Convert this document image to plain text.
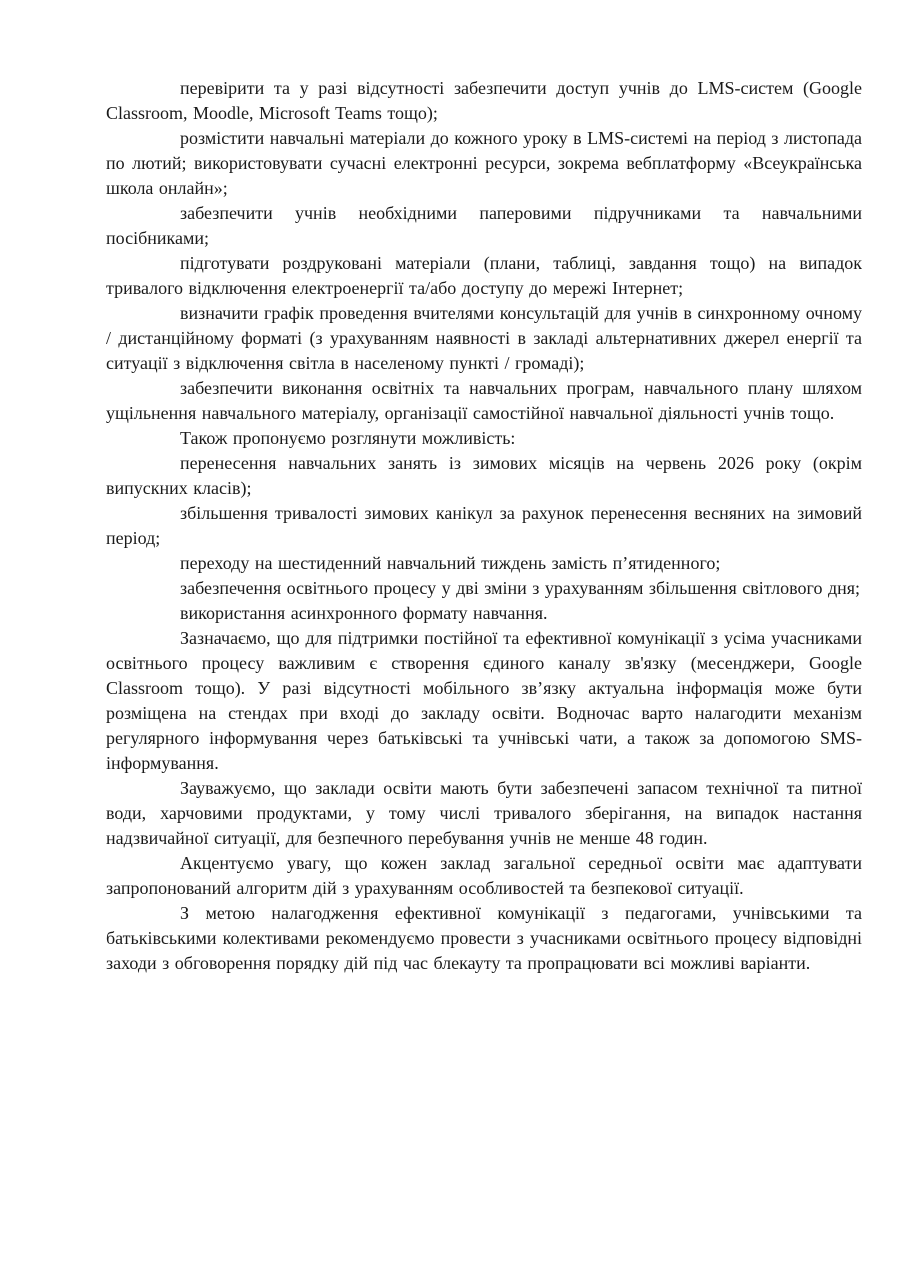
перевірити та у разі відсутності забезпечити доступ учнів до LMS-систем (Google Classroom, Moodle, Microsoft Teams тощо);

розмістити навчальні матеріали до кожного уроку в LMS-системі на період з листопада по лютий; використовувати сучасні електронні ресурси, зокрема вебплатформу «Всеукраїнська школа онлайн»;

забезпечити учнів необхідними паперовими підручниками та навчальними посібниками;

підготувати роздруковані матеріали (плани, таблиці, завдання тощо) на випадок тривалого відключення електроенергії та/або доступу до мережі Інтернет;

визначити графік проведення вчителями консультацій для учнів в синхронному очному / дистанційному форматі (з урахуванням наявності в закладі альтернативних джерел енергії та ситуації з відключення світла в населеному пункті / громаді);

забезпечити виконання освітніх та навчальних програм, навчального плану шляхом ущільнення навчального матеріалу, організації самостійної навчальної діяльності учнів тощо.

Також пропонуємо розглянути можливість:

перенесення навчальних занять із зимових місяців на червень 2026 року (окрім випускних класів);

збільшення тривалості зимових канікул за рахунок перенесення весняних на зимовий період;

переходу на шестиденний навчальний тиждень замість п’ятиденного;

забезпечення освітнього процесу у дві зміни з урахуванням збільшення світлового дня;

використання асинхронного формату навчання.

Зазначаємо, що для підтримки постійної та ефективної комунікації з усіма учасниками освітнього процесу важливим є створення єдиного каналу зв'язку (месенджери, Google Classroom тощо). У разі відсутності мобільного зв’язку актуальна інформація може бути розміщена на стендах при вході до закладу освіти. Водночас варто налагодити механізм регулярного інформування через батьківські та учнівські чати, а також за допомогою SMS-інформування.

Зауважуємо, що заклади освіти мають бути забезпечені запасом технічної та питної води, харчовими продуктами, у тому числі тривалого зберігання, на випадок настання надзвичайної ситуації, для безпечного перебування учнів не менше 48 годин.

Акцентуємо увагу, що кожен заклад загальної середньої освіти має адаптувати запропонований алгоритм дій з урахуванням особливостей та безпекової ситуації.

З метою налагодження ефективної комунікації з педагогами, учнівськими та батьківськими колективами рекомендуємо провести з учасниками освітнього процесу відповідні заходи з обговорення порядку дій під час блекауту та пропрацювати всі можливі варіанти.
